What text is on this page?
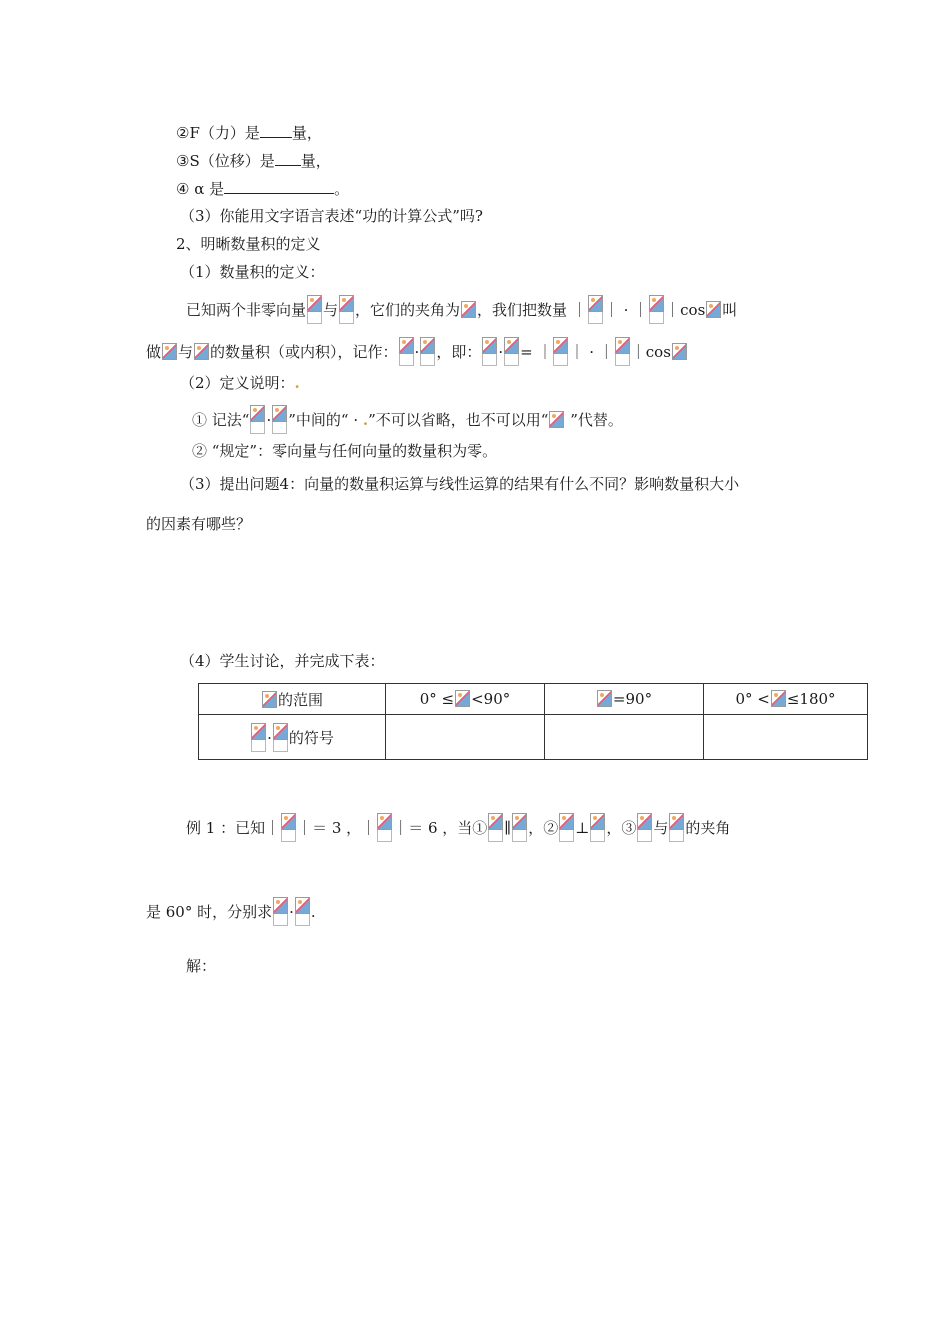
②F（力）是 量，
③S（位移）是 量，
④ α 是	。
（3）你能用文字语言表述“功的计算公式”吗?
2、明晰数量积的定义
（1）数量积的定义：
已知两个非零向量 与 ，它们的夹角为 ，我们把数量 ｜ ｜ · ｜ ｜cos 叫
做 与 的数量积（或内积），记作： · ，即： · = ｜ ｜ · ｜ ｜cos
（2）定义说明：.
① 记法“ · ”中间的“ · .”不可以省略，也不可以用“
”代替。
② “规定”：零向量与任何向量的数量积为零。
（3）提出问题4：向量的数量积运算与线性运算的结果有什么不同？影响数量积大小
的因素有哪些？
（4）学生讨论，并完成下表：
的范围	0° ≤ <90°	=90°	0° < ≤180°

· 的符号			
例 1 ：已知｜ ｜＝ 3 ，｜ ｜＝ 6 ，当① ∥ ，② ⊥ ，③ 与 的夹角
是 60° 时，分别求 · .
解：
